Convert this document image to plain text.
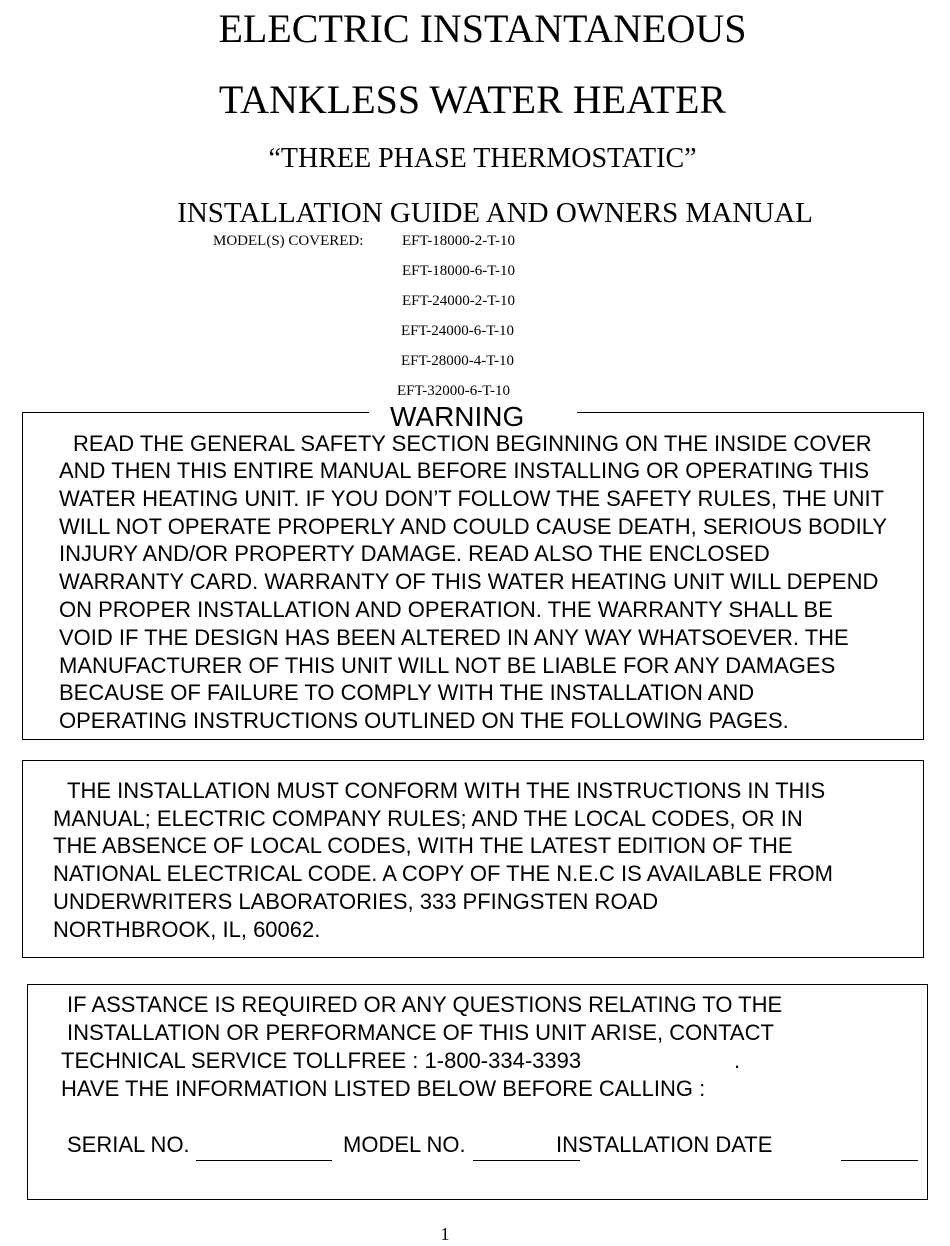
ELECTRIC INSTANTANEOUS
TANKLESS WATER HEATER
“THREE PHASE THERMOSTATIC”
INSTALLATION GUIDE AND OWNERS MANUAL
MODEL(S) COVERED:	EFT-18000-2-T-10
EFT-18000-6-T-10
EFT-24000-2-T-10
EFT-24000-6-T-10
EFT-28000-4-T-10
EFT-32000-6-T-10
WARNING
READ THE GENERAL SAFETY SECTION BEGINNING ON THE INSIDE COVER
AND THEN THIS ENTIRE MANUAL BEFORE INSTALLING OR OPERATING THIS
WATER HEATING UNIT. IF YOU DON’T FOLLOW THE SAFETY RULES, THE UNIT
WILL NOT OPERATE PROPERLY AND COULD CAUSE DEATH, SERIOUS BODILY
INJURY AND/OR PROPERTY DAMAGE. READ ALSO THE ENCLOSED
WARRANTY CARD. WARRANTY OF THIS WATER HEATING UNIT WILL DEPEND
ON PROPER INSTALLATION AND OPERATION. THE WARRANTY SHALL BE
VOID IF THE DESIGN HAS BEEN ALTERED IN ANY WAY WHATSOEVER. THE
MANUFACTURER OF THIS UNIT WILL NOT BE LIABLE FOR ANY DAMAGES
BECAUSE OF FAILURE TO COMPLY WITH THE INSTALLATION AND
OPERATING INSTRUCTIONS OUTLINED ON THE FOLLOWING PAGES.
THE INSTALLATION MUST CONFORM WITH THE INSTRUCTIONS IN THIS
MANUAL; ELECTRIC COMPANY RULES; AND THE LOCAL CODES, OR IN
THE ABSENCE OF LOCAL CODES, WITH THE LATEST EDITION OF THE
NATIONAL ELECTRICAL CODE. A COPY OF THE N.E.C IS AVAILABLE FROM
UNDERWRITERS LABORATORIES, 333 PFINGSTEN ROAD
NORTHBROOK, IL, 60062.
IF ASSTANCE IS REQUIRED OR ANY QUESTIONS RELATING TO THE
INSTALLATION OR PERFORMANCE OF THIS UNIT ARISE, CONTACT
TECHNICAL SERVICE TOLLFREE : 1-800-334-3393	.
HAVE THE INFORMATION LISTED BELOW BEFORE CALLING :
SERIAL NO.	MODEL NO.	INSTALLATION DATE
1
